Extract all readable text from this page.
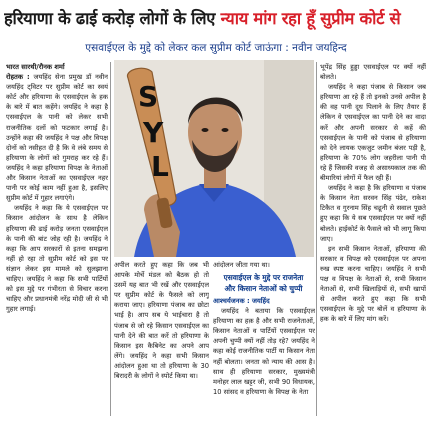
हरियाणा के ढाई करोड़ लोगों के लिए न्याय मांग रहा हूँ सुप्रीम कोर्ट से
एसवाईएल के मुद्दे को लेकर कल सुप्रीम कोर्ट जाऊंगा : नवीन जयहिन्द

भारत सारथी/रौनक शर्मा
रोहतक : जयहिंद सेना प्रमुख डॉ नवीन जयहिंद ट्विटर पर सुप्रीम कोर्ट का स्वयं कोर्ट और हरियाणा के एसवाईएल के हक के बारे में बात कहेंगे। जयहिंद ने कहा है एसवाईएल के पानी को लेकर सभी राजनीतिक दलों को फटकार लगाई है। उन्होंने कहा की जयहिंद ने पक्ष और विपक्ष दोनों को नसीहत दी है कि वे लंबे समय से हरियाणा के लोगों को गुमराह कर रहे हैं। जयहिंद ने कहा हरियाणा विपक्ष के नेताओं और किसान नेताओं का एसवाईएल नहर पानी पर कोई काम नहीं हुआ है, इसलिए सुप्रीम कोर्ट में गुहार लगाएंगे।

जयहिंद ने कहा कि ये एसवाईएल पर किसान आंदोलन के साथ है लेकिन हरियाणा की ढाई करोड़ जनता एसवाईएल के पानी की बांट जोह रही है। जयहिंद ने कहा कि आप सरकारों से इतना समझना नहीं हो रहा तो सुप्रीम कोर्ट को इस पर संज्ञान लेकर इस मामले को सुलझाना चाहिए। जयहिंद ने कहा कि सभी पार्टियों को इस मुद्दे पर गंभीरता से विचार करना चाहिए और प्रधानमंत्री नरेंद्र मोदी जी से भी गुहार लगाई।

S
Y
L

अपील करते हुए कहा कि जब भी आपके मोर्चे मंडल को बैठक हो तो उसमें यह बात भी रखें और एसवाईएल पर सुप्रीम कोर्ट के फैसले को लागू कराया जाए। हरियाणा पंजाब का छोटा भाई है। आप सब ये भाईचारा है तो पंजाब से जो रहे किसान एसवाईएल का पानी देने की बात करें तो हरियाणा के किसान इस कैबिनेट का अपने आप लेंगे। जयहिंद ने कहा सभी किसान आंदोलन हुआ था तो हरियाणा के 30 बिरादरी के लोगों ने स्पोर्ट किया था।

आंदोलन जीता गया था।

एसवाईएल के मुद्दे पर राजनेता
और किसान नेताओं को चुप्पी

आश्चर्यजनक : जयहिंद

जयहिंद ने बताया कि एसवाईएल हरियाणा का हक़ है और सभी राजनेताओं, किसान नेताओं व पार्टियों एसवाईएल पर अपनी चुप्पी क्यों नहीं तोड़ रहे? जयहिंद ने कहा कोई राजनीतिक पार्टी या किसान नेता नहीं बोलता। जनता को न्याय की आस है। साथ ही हरियाणा सरकार, मुख्यमंत्री मनोहर लाल खट्टर जी, सभी 90 विधायक, 10 सांसद व हरियाणा के विपक्ष के नेता

भूपेंद्र सिंह हुड्डा एसवाईएल पर क्यों नहीं बोलते।

जयहिंद ने कहा पंजाब से किसान जब हरियाणा आ रहे हैं तो इनको उनसे अपील है की वह पानी दूध पिलाने के लिए तैयार हैं लेकिन वे एसवाईएल का पानी देने का वादा करें और अपनी सरकार से कहें की एसवाईएल के पानी को पंजाब से हरियाणा को देने लायक एकजुट जमीन बंजर पड़ी है, हरियाणा के 70% लोग जहरीला पानी पी रहे हैं जिसकी वजह से असाध्यकाल तक की बीमारियां लोगों में फैल रही हैं।

जयहिंद ने कहा है कि हरियाणा व पंजाब के किसान नेता सरवन सिंह पंढेर, राकेश टिकैत व गुरनाम सिंह चढूनी से सवाल पूछते हुए कहा कि ये सब एसवाईएल पर क्यों नहीं बोलते। हाईकोर्ट के फैसले को भी लागू किया जाए।

इन सभी किसान नेताओं, हरियाणा की सरकार व विपक्ष को एसवाईएल पर अपना रुख स्पष्ट करना चाहिए। जयहिंद ने सभी पक्ष व विपक्ष के नेताओं से, सभी किसान नेताओं से, सभी खिलाड़ियों से, सभी खापों से अपील करते हुए कहा कि सभी एसवाईएल के मुद्दे पर बोलें व हरियाणा के हक के बारे में लिए मांग करें।
